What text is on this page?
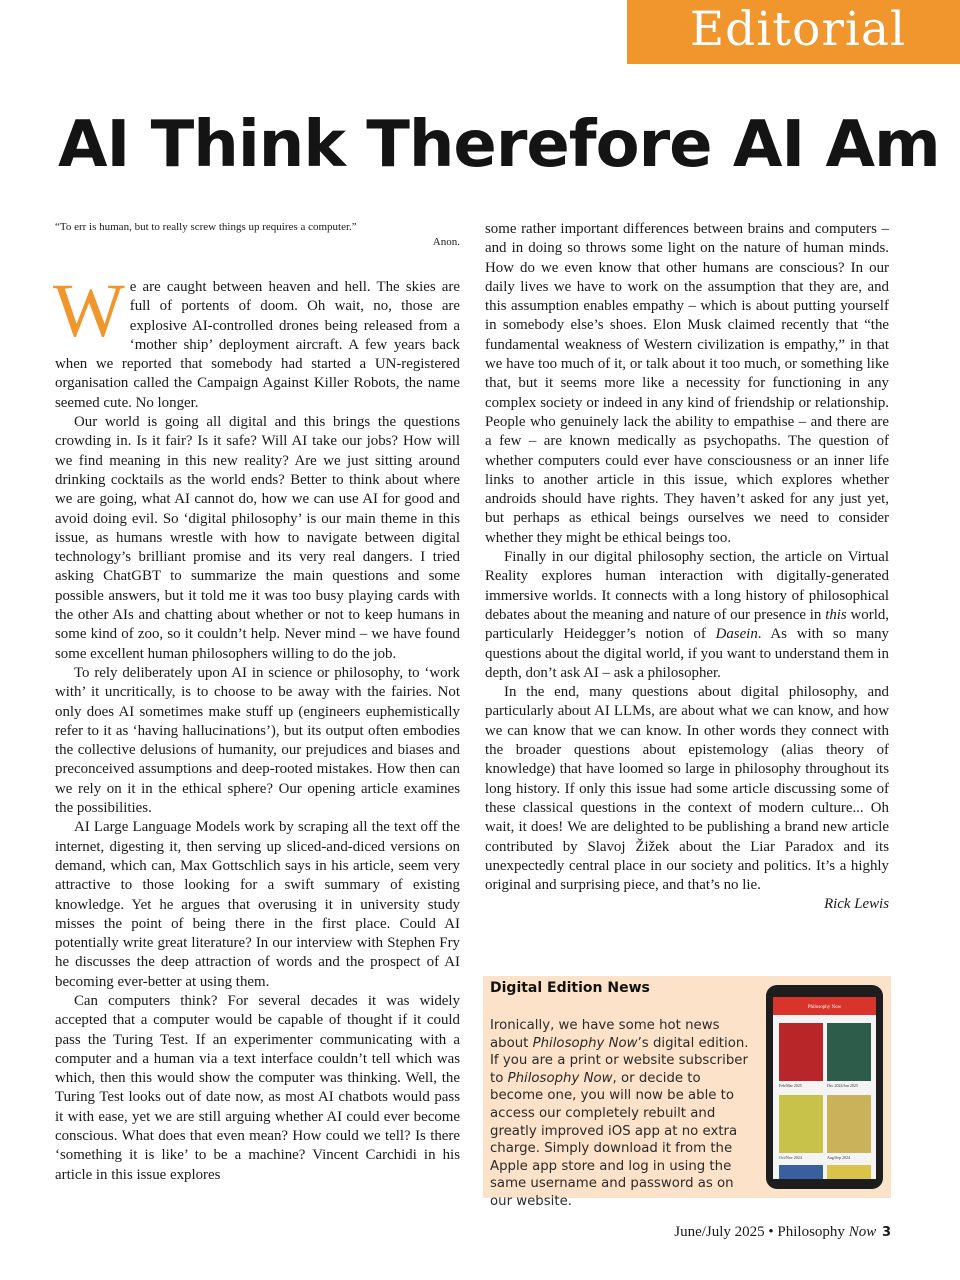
Editorial
AI Think Therefore AI Am
“To err is human, but to really screw things up requires a computer.”
Anon.

We are caught between heaven and hell. The skies are full of portents of doom. Oh wait, no, those are explosive AI-controlled drones being released from a ‘mother ship’ deployment aircraft. A few years back when we reported that somebody had started a UN-registered organisation called the Campaign Against Killer Robots, the name seemed cute. No longer.

Our world is going all digital and this brings the questions crowding in. Is it fair? Is it safe? Will AI take our jobs? How will we find meaning in this new reality? Are we just sitting around drinking cocktails as the world ends? Better to think about where we are going, what AI cannot do, how we can use AI for good and avoid doing evil. So ‘digital philosophy’ is our main theme in this issue, as humans wrestle with how to navigate between digital technology’s brilliant promise and its very real dangers. I tried asking ChatGBT to summarize the main questions and some possible answers, but it told me it was too busy playing cards with the other AIs and chatting about whether or not to keep humans in some kind of zoo, so it couldn’t help. Never mind – we have found some excellent human philosophers willing to do the job.

To rely deliberately upon AI in science or philosophy, to ‘work with’ it uncritically, is to choose to be away with the fairies. Not only does AI sometimes make stuff up (engineers euphemistically refer to it as ‘having hallucinations’), but its output often embodies the collective delusions of humanity, our prejudices and biases and preconceived assumptions and deep-rooted mistakes. How then can we rely on it in the ethical sphere? Our opening article examines the possibilities.

AI Large Language Models work by scraping all the text off the internet, digesting it, then serving up sliced-and-diced versions on demand, which can, Max Gottschlich says in his article, seem very attractive to those looking for a swift summary of existing knowledge. Yet he argues that overusing it in university study misses the point of being there in the first place. Could AI potentially write great literature? In our interview with Stephen Fry he discusses the deep attraction of words and the prospect of AI becoming ever-better at using them.

Can computers think? For several decades it was widely accepted that a computer would be capable of thought if it could pass the Turing Test. If an experimenter communicating with a computer and a human via a text interface couldn’t tell which was which, then this would show the computer was thinking. Well, the Turing Test looks out of date now, as most AI chatbots would pass it with ease, yet we are still arguing whether AI could ever become conscious. What does that even mean? How could we tell? Is there ‘something it is like’ to be a machine? Vincent Carchidi in his article in this issue explores

some rather important differences between brains and computers – and in doing so throws some light on the nature of human minds. How do we even know that other humans are conscious? In our daily lives we have to work on the assumption that they are, and this assumption enables empathy – which is about putting yourself in somebody else’s shoes. Elon Musk claimed recently that “the fundamental weakness of Western civilization is empathy,” in that we have too much of it, or talk about it too much, or something like that, but it seems more like a necessity for functioning in any complex society or indeed in any kind of friendship or relationship. People who genuinely lack the ability to empathise – and there are a few – are known medically as psychopaths. The question of whether computers could ever have consciousness or an inner life links to another article in this issue, which explores whether androids should have rights. They haven’t asked for any just yet, but perhaps as ethical beings ourselves we need to consider whether they might be ethical beings too.

Finally in our digital philosophy section, the article on Virtual Reality explores human interaction with digitally-generated immersive worlds. It connects with a long history of philosophical debates about the meaning and nature of our presence in this world, particularly Heidegger’s notion of Dasein. As with so many questions about the digital world, if you want to understand them in depth, don’t ask AI – ask a philosopher.

In the end, many questions about digital philosophy, and particularly about AI LLMs, are about what we can know, and how we can know that we can know. In other words they connect with the broader questions about epistemology (alias theory of knowledge) that have loomed so large in philosophy throughout its long history. If only this issue had some article discussing some of these classical questions in the context of modern culture... Oh wait, it does! We are delighted to be publishing a brand new article contributed by Slavoj Žižek about the Liar Paradox and its unexpectedly central place in our society and politics. It’s a highly original and surprising piece, and that’s no lie.

Rick Lewis
Digital Edition News
Ironically, we have some hot news about Philosophy Now’s digital edition. If you are a print or website subscriber to Philosophy Now, or decide to become one, you will now be able to access our completely rebuilt and greatly improved iOS app at no extra charge. Simply download it from the Apple app store and log in using the same username and password as on our website.
Philosophy Now
Feb/Mar 2025	Dec 2024/Jan 2025
Oct/Nov 2024	Aug/Sep 2024
June/July 2025 • Philosophy Now 3
